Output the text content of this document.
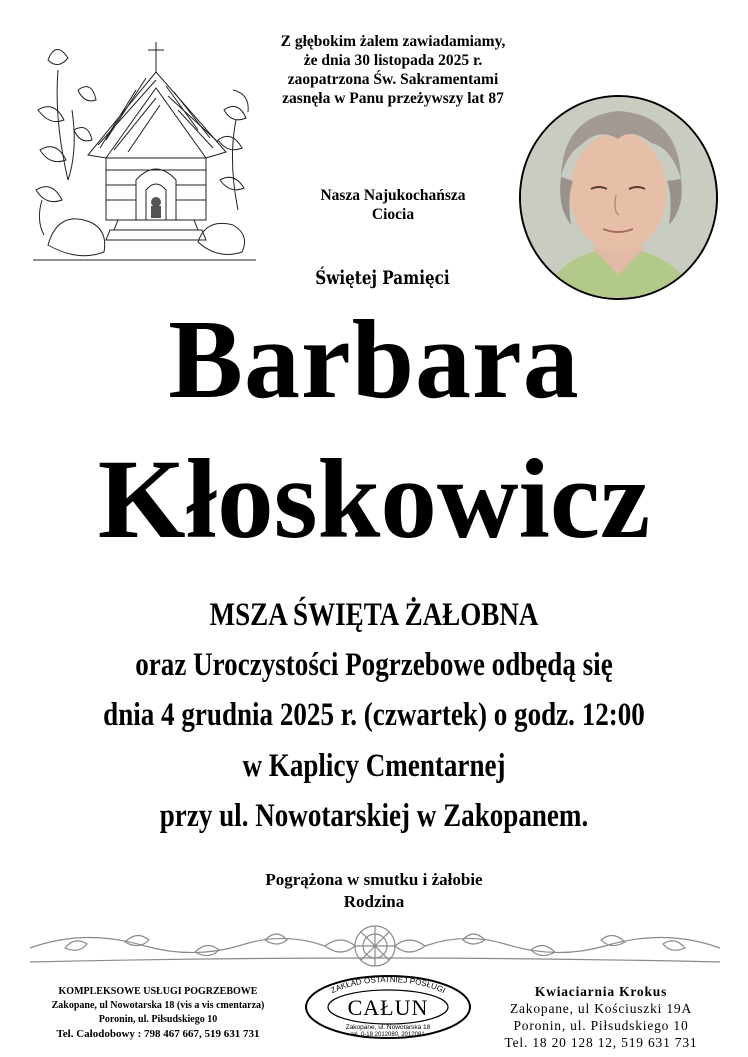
Z głębokim żalem zawiadamiamy,
że dnia 30 listopada 2025 r.
zaopatrzona Św. Sakramentami
zasnęła w Panu przeżywszy lat 87
Nasza Najukochańsza
Ciocia
Świętej Pamięci
Barbara
Kłoskowicz
MSZA ŚWIĘTA ŻAŁOBNA
oraz Uroczystości Pogrzebowe odbędą się
dnia 4 grudnia 2025 r. (czwartek) o godz. 12:00
w Kaplicy Cmentarnej
przy ul. Nowotarskiej w Zakopanem.
Pogrążona w smutku i żałobie
Rodzina
KOMPLEKSOWE USŁUGI POGRZEBOWE
Zakopane, ul Nowotarska 18 (vis a vis cmentarza)
Poronin, ul. Piłsudskiego 10
Tel. Całodobowy : 798 467 667, 519 631 731
ZAKŁAD OSTATNIEJ POSŁUGI
CAŁUN
Zakopane, ul. Nowotarska 18
tel. 0-18 2012080, 2012081
Kwiaciarnia Krokus
Zakopane, ul Kościuszki 19A
Poronin, ul. Piłsudskiego 10
Tel. 18 20 128 12, 519 631 731
